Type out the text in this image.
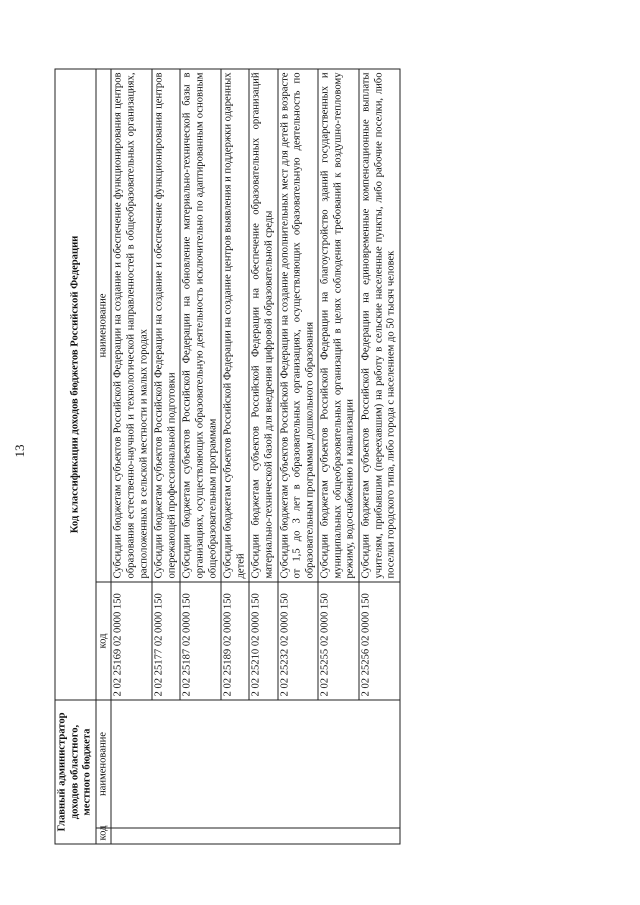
13
Главный администратор доходов областного, местного бюджета		Код классификации доходов бюджетов Российской Федерации	
код	наименование	код	наименование
		2 02 25169 02 0000 150	Субсидии бюджетам субъектов Российской Федерации на создание и обеспечение функционирования центров образования естественно-научной и технологической направленностей в общеобразовательных организациях, расположенных в сельской местности и малых городах
		2 02 25177 02 0000 150	Субсидии бюджетам субъектов Российской Федерации на создание и обеспечение функционирования центров опережающей профессиональной подготовки
		2 02 25187 02 0000 150	Субсидии бюджетам субъектов Российской Федерации на обновление материально-технической базы в организациях, осуществляющих образовательную деятельность исключительно по адаптированным основным общеобразовательным программам
		2 02 25189 02 0000 150	Субсидии бюджетам субъектов Российской Федерации на создание центров выявления и поддержки одаренных детей
		2 02 25210 02 0000 150	Субсидии бюджетам субъектов Российской Федерации на обеспечение образовательных организаций материально-технической базой для внедрения цифровой образовательной среды
		2 02 25232 02 0000 150	Субсидии бюджетам субъектов Российской Федерации на создание дополнительных мест для детей в возрасте от 1,5 до 3 лет в образовательных организациях, осуществляющих образовательную деятельность по образовательным программам дошкольного образования
		2 02 25255 02 0000 150	Субсидии бюджетам субъектов Российской Федерации на благоустройство зданий государственных и муниципальных общеобразовательных организаций в целях соблюдения требований к воздушно-тепловому режиму, водоснабжению и канализации
		2 02 25256 02 0000 150	Субсидии бюджетам субъектов Российской Федерации на единовременные компенсационные выплаты учителям, прибывшим (переехавшим) на работу в сельские населенные пункты, либо рабочие поселки, либо поселки городского типа, либо города с населением до 50 тысяч человек
